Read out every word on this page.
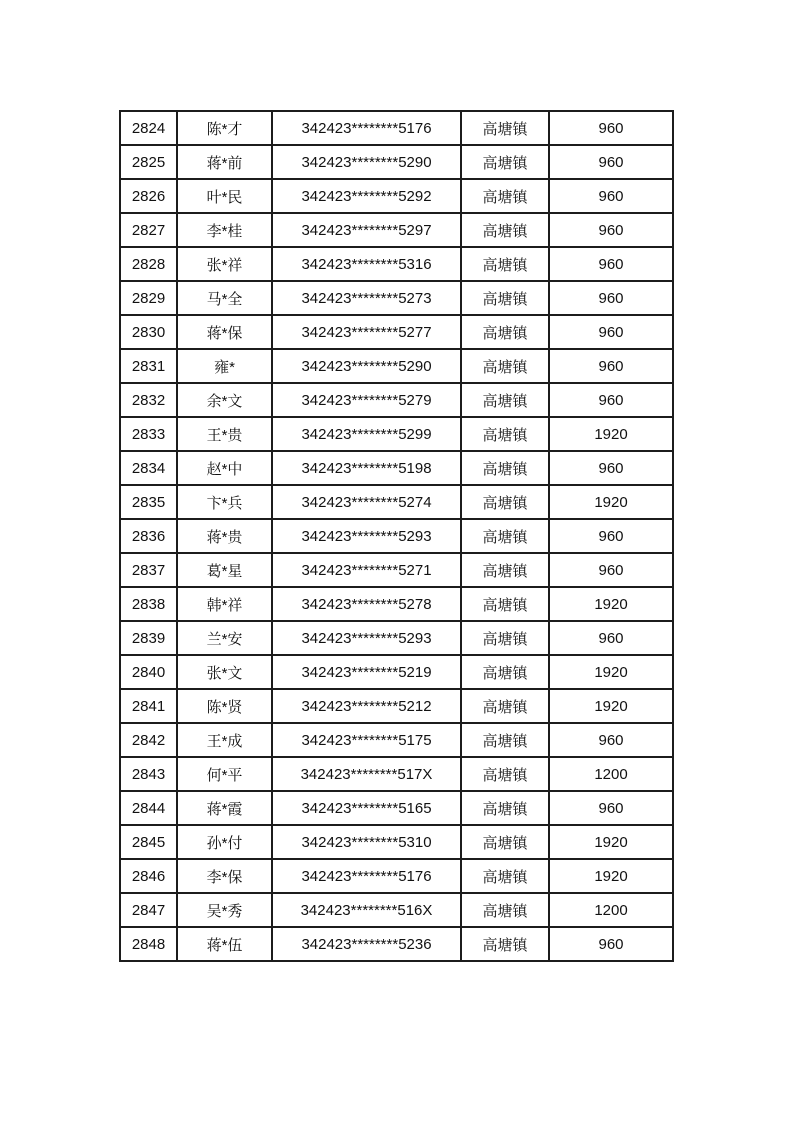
2824	陈*才	342423********5176	高塘镇	960
2825	蒋*前	342423********5290	高塘镇	960
2826	叶*民	342423********5292	高塘镇	960
2827	李*桂	342423********5297	高塘镇	960
2828	张*祥	342423********5316	高塘镇	960
2829	马*全	342423********5273	高塘镇	960
2830	蒋*保	342423********5277	高塘镇	960
2831	雍*	342423********5290	高塘镇	960
2832	余*文	342423********5279	高塘镇	960
2833	王*贵	342423********5299	高塘镇	1920
2834	赵*中	342423********5198	高塘镇	960
2835	卞*兵	342423********5274	高塘镇	1920
2836	蒋*贵	342423********5293	高塘镇	960
2837	葛*星	342423********5271	高塘镇	960
2838	韩*祥	342423********5278	高塘镇	1920
2839	兰*安	342423********5293	高塘镇	960
2840	张*文	342423********5219	高塘镇	1920
2841	陈*贤	342423********5212	高塘镇	1920
2842	王*成	342423********5175	高塘镇	960
2843	何*平	342423********517X	高塘镇	1200
2844	蒋*霞	342423********5165	高塘镇	960
2845	孙*付	342423********5310	高塘镇	1920
2846	李*保	342423********5176	高塘镇	1920
2847	吴*秀	342423********516X	高塘镇	1200
2848	蒋*伍	342423********5236	高塘镇	960
